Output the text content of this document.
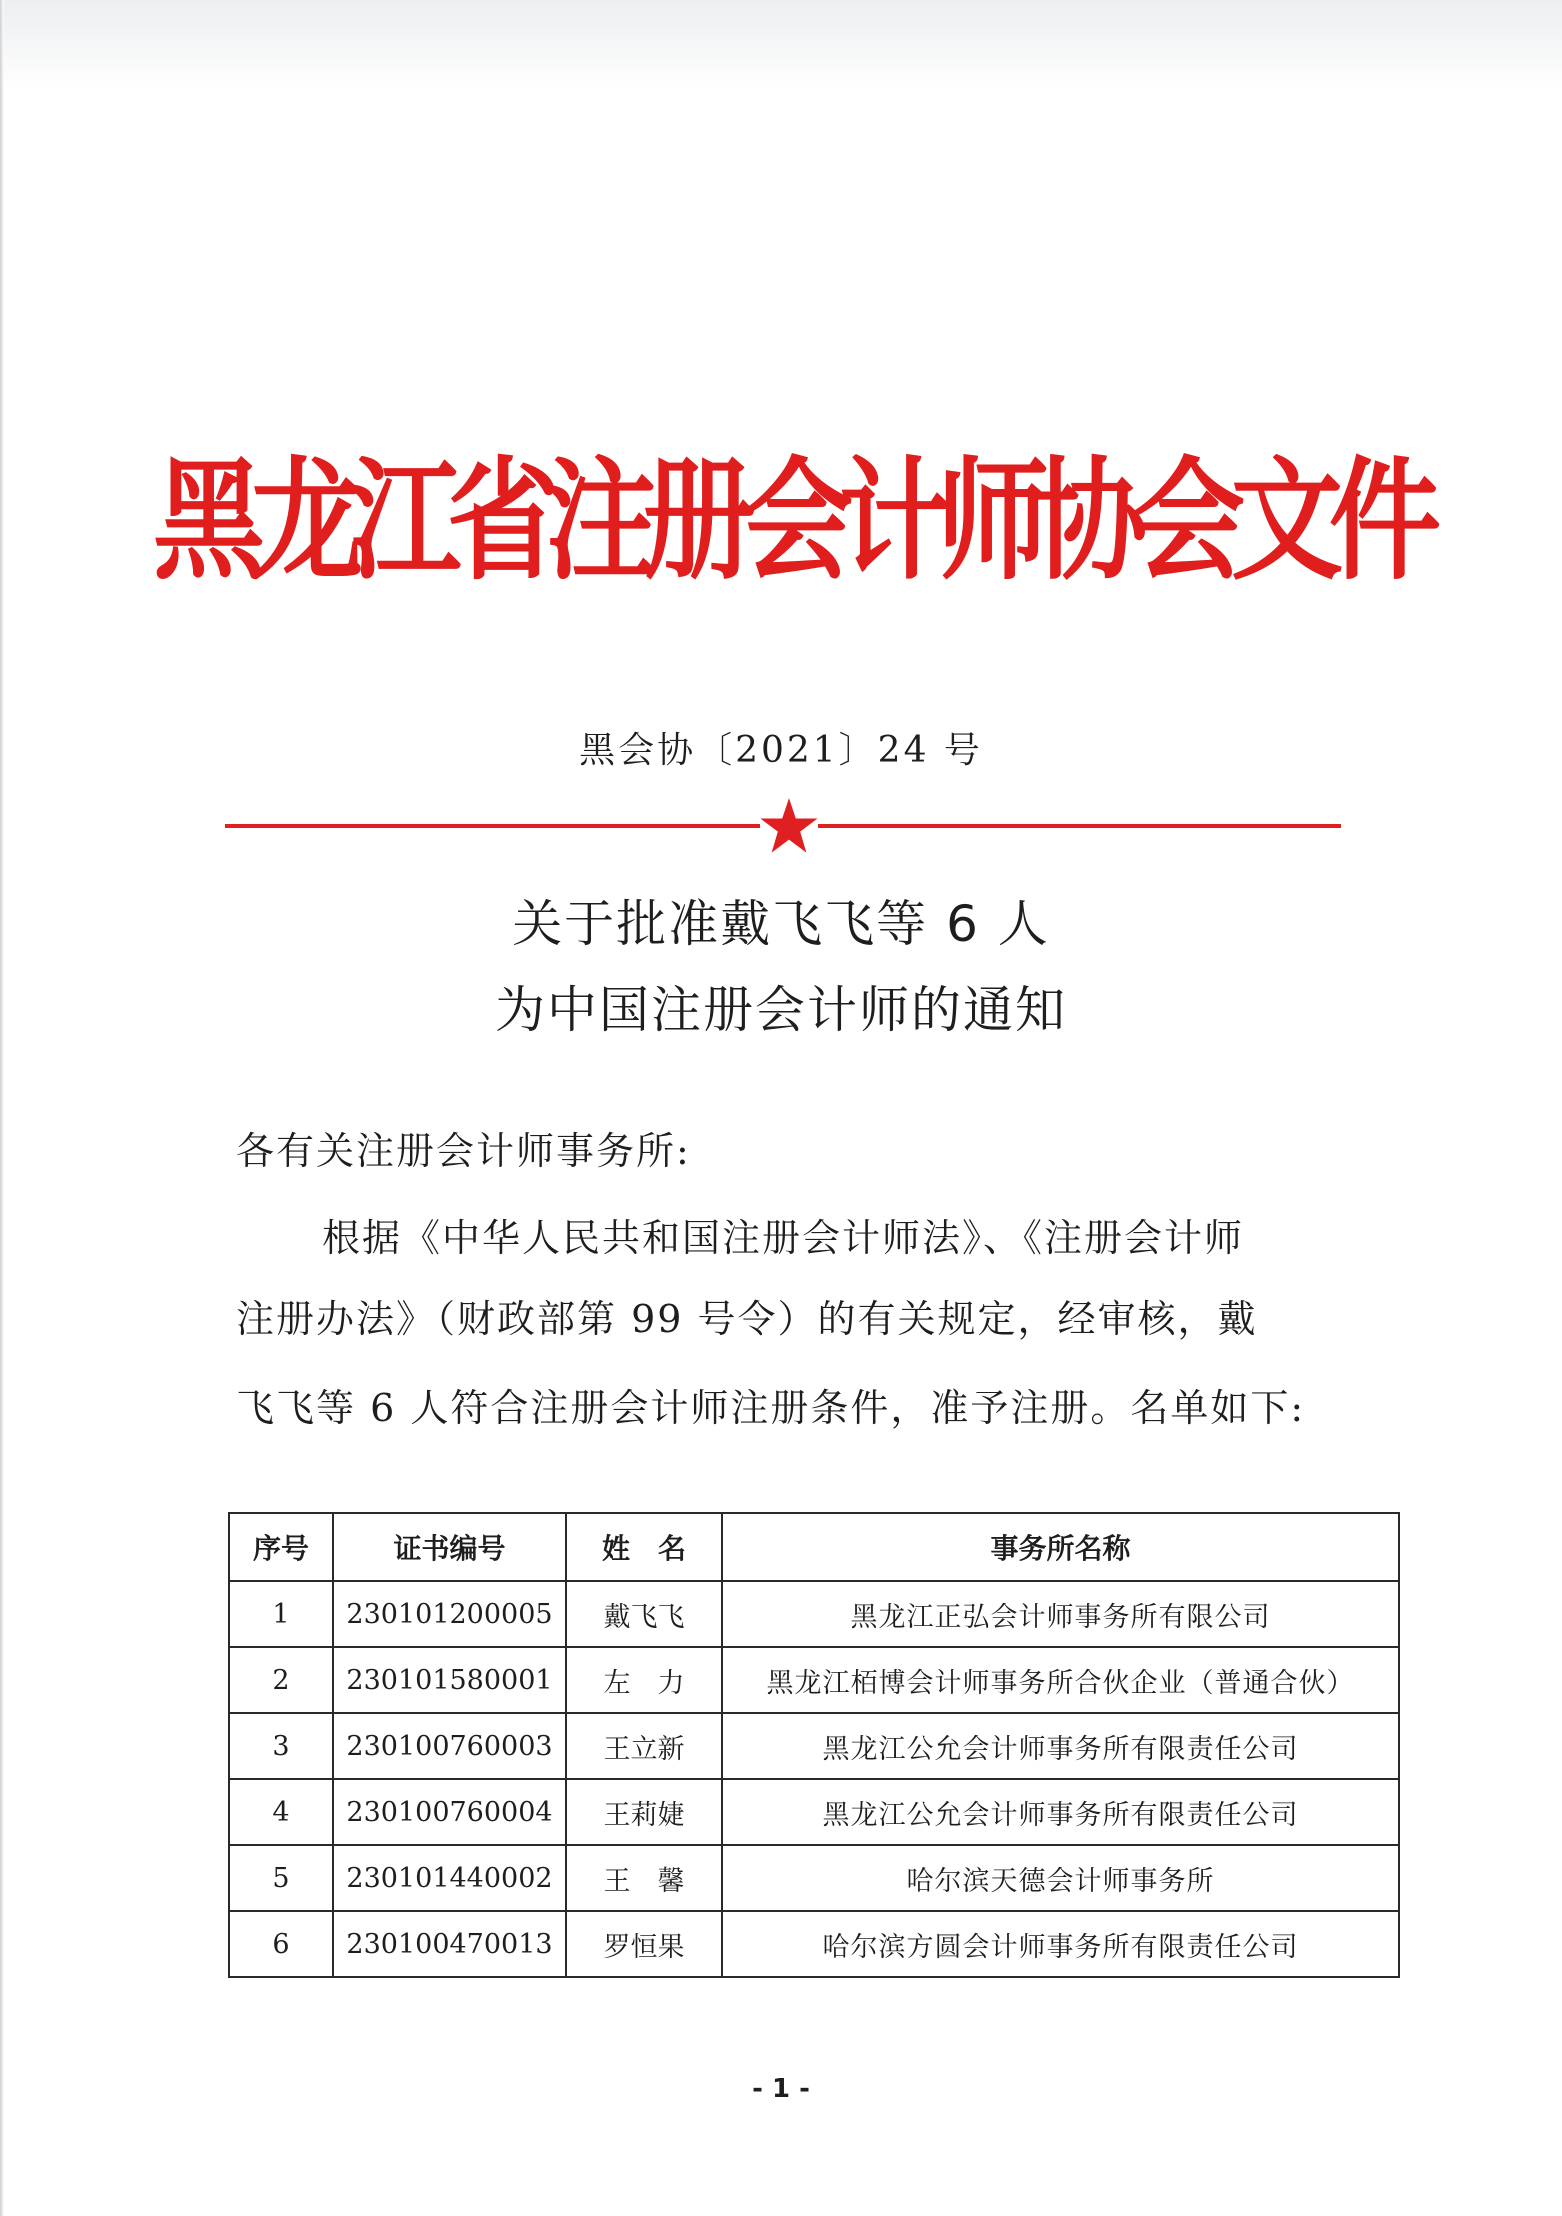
黑龙江省注册会计师协会文件
黑会协〔2021〕24 号
关于批准戴飞飞等 6 人
为中国注册会计师的通知
各有关注册会计师事务所:
根据《中华人民共和国注册会计师法》、《注册会计师
注册办法》（财政部第 99 号令）的有关规定，经审核，戴
飞飞等 6 人符合注册会计师注册条件，准予注册。名单如下:
序号	证书编号	姓　名	事务所名称
1	230101200005	戴飞飞	黑龙江正弘会计师事务所有限公司
2	230101580001	左　力	黑龙江栢博会计师事务所合伙企业（普通合伙）
3	230100760003	王立新	黑龙江公允会计师事务所有限责任公司
4	230100760004	王莉婕	黑龙江公允会计师事务所有限责任公司
5	230101440002	王　馨	哈尔滨天德会计师事务所
6	230100470013	罗恒果	哈尔滨方圆会计师事务所有限责任公司
- 1 -
